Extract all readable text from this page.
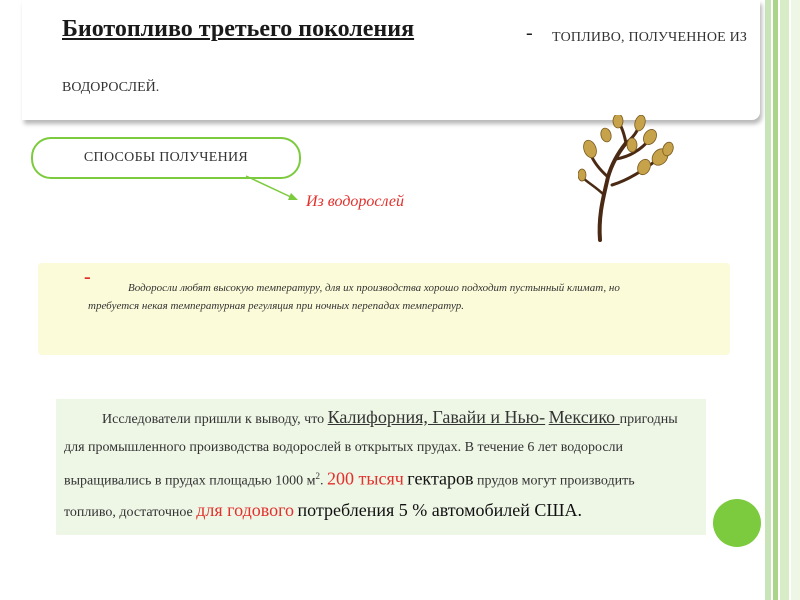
Биотопливо третьего поколения	- ТОПЛИВО, ПОЛУЧЕННОЕ ИЗ
ВОДОРОСЛЕЙ.
СПОСОБЫ ПОЛУЧЕНИЯ
Из водорослей
-	Водоросли любят высокую температуру, для их производства хорошо подходит пустынный климат, но требуется некая температурная регуляция при ночных перепадах температур.
Исследователи пришли к выводу, что Калифорния, Гавайи и Нью- Мексико пригодны для промышленного производства водорослей в открытых прудах. В течение 6 лет водоросли выращивались в прудах площадью 1000 $м^2$. 200 тысяч гектаров прудов могут производить топливо, достаточное для годового потребления 5 % автомобилей США.
